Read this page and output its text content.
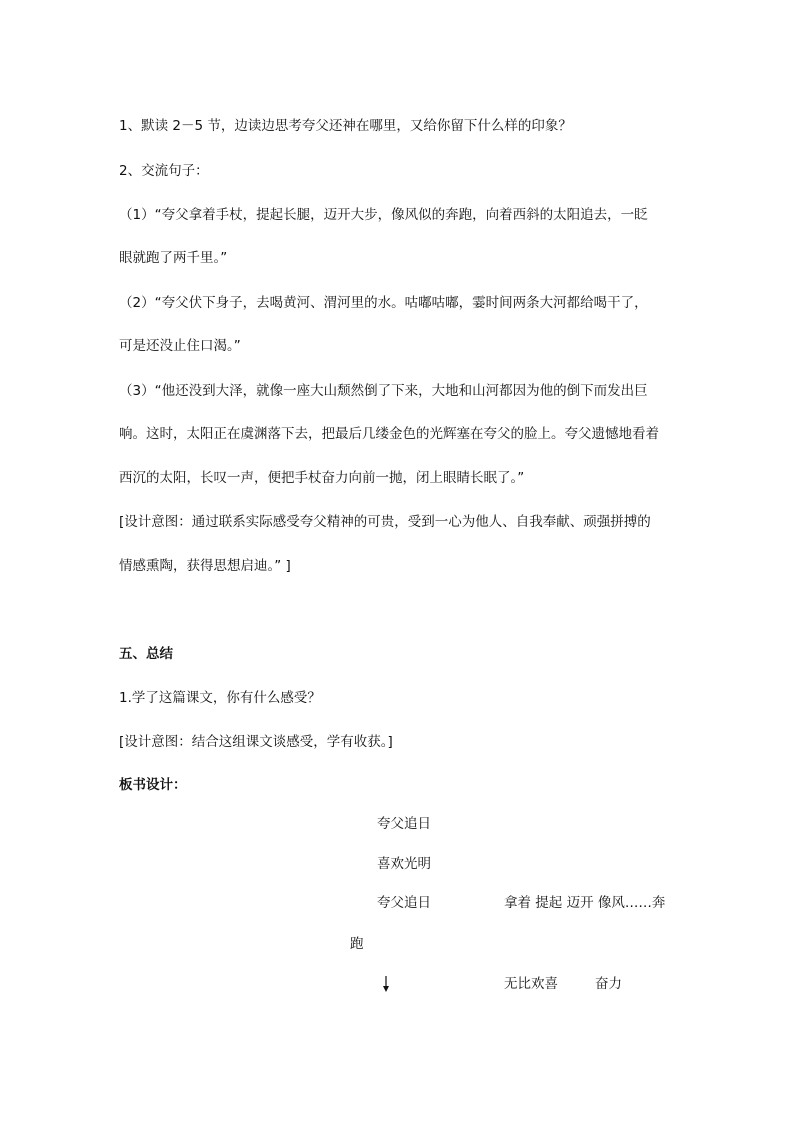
1、默读 2－5 节，边读边思考夸父还神在哪里，又给你留下什么样的印象？
2、交流句子：
（1）“夸父拿着手杖，提起长腿，迈开大步，像风似的奔跑，向着西斜的太阳追去，一眨
眼就跑了两千里。”
（2）“夸父伏下身子，去喝黄河、渭河里的水。咕嘟咕嘟，霎时间两条大河都给喝干了，
可是还没止住口渴。”
（3）“他还没到大泽，就像一座大山颓然倒了下来，大地和山河都因为他的倒下而发出巨
响。这时，太阳正在虞渊落下去，把最后几缕金色的光辉塞在夸父的脸上。夸父遗憾地看着
西沉的太阳，长叹一声，便把手杖奋力向前一抛，闭上眼睛长眠了。”
[设计意图：通过联系实际感受夸父精神的可贵，受到一心为他人、自我奉献、顽强拼搏的
情感熏陶，获得思想启迪。” ]
五、总结
1.学了这篇课文，你有什么感受？
[设计意图：结合这组课文谈感受，学有收获。]
板书设计：
夸父追日
喜欢光明
夸父追日	拿着 提起 迈开 像风……奔
跑
无比欢喜	奋力
